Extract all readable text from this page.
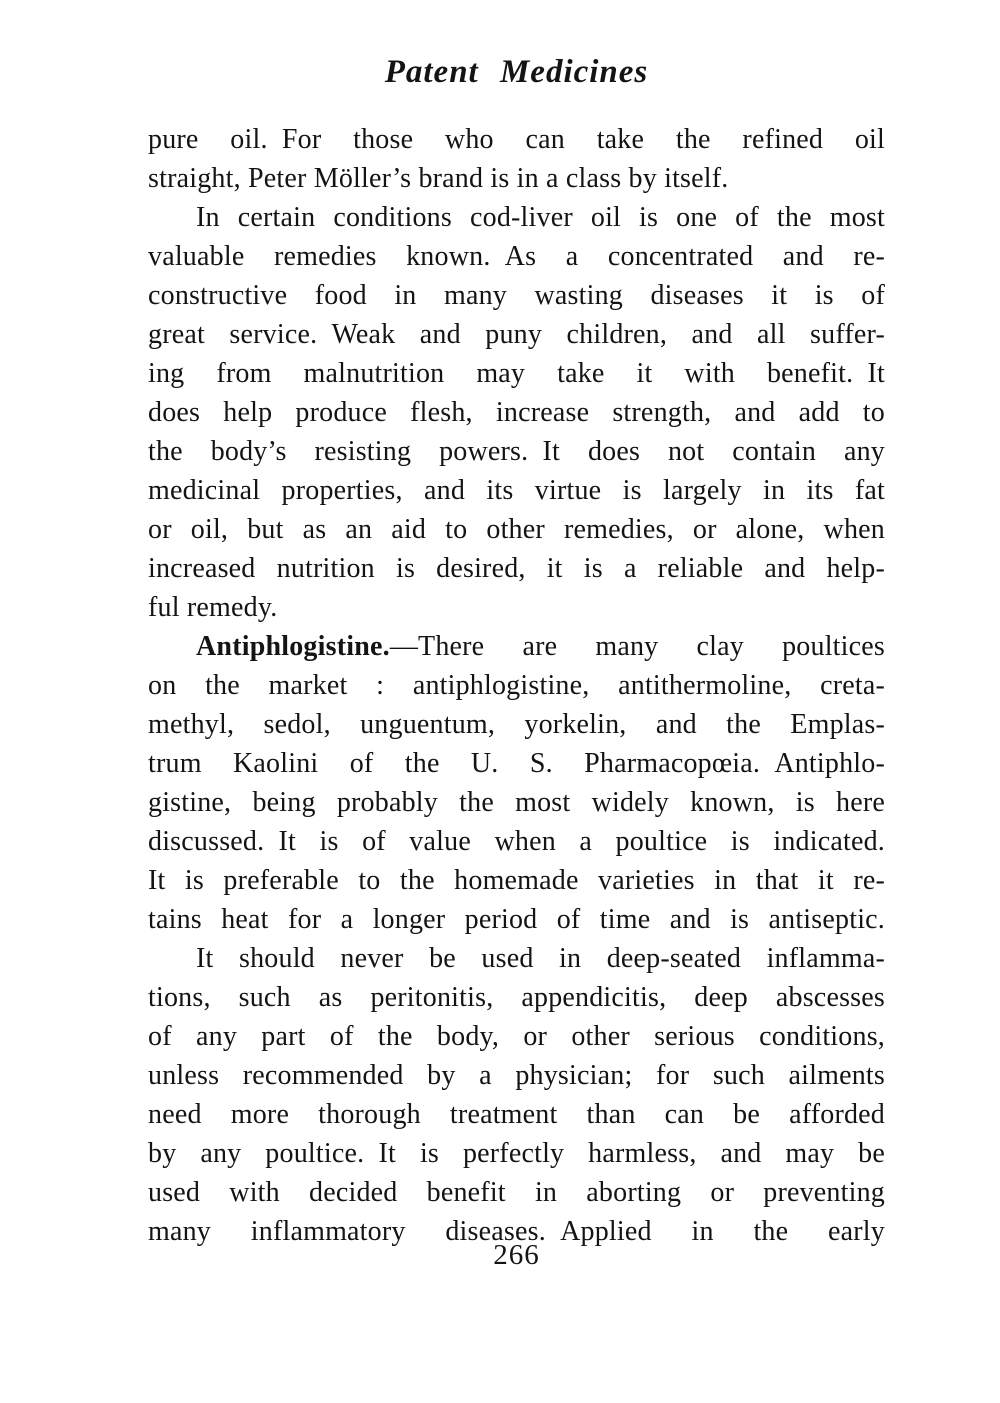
Patent Medicines
pure oil. For those who can take the refined oil
straight, Peter Möller’s brand is in a class by itself.
In certain conditions cod-liver oil is one of the most
valuable remedies known. As a concentrated and re-
constructive food in many wasting diseases it is of
great service. Weak and puny children, and all suffer-
ing from malnutrition may take it with benefit. It
does help produce flesh, increase strength, and add to
the body’s resisting powers. It does not contain any
medicinal properties, and its virtue is largely in its fat
or oil, but as an aid to other remedies, or alone, when
increased nutrition is desired, it is a reliable and help-
ful remedy.
Antiphlogistine.—There are many clay poultices
on the market : antiphlogistine, antithermoline, creta-
methyl, sedol, unguentum, yorkelin, and the Emplas-
trum Kaolini of the U. S. Pharmacopœia. Antiphlo-
gistine, being probably the most widely known, is here
discussed. It is of value when a poultice is indicated.
It is preferable to the homemade varieties in that it re-
tains heat for a longer period of time and is antiseptic.
It should never be used in deep-seated inflamma-
tions, such as peritonitis, appendicitis, deep abscesses
of any part of the body, or other serious conditions,
unless recommended by a physician; for such ailments
need more thorough treatment than can be afforded
by any poultice. It is perfectly harmless, and may be
used with decided benefit in aborting or preventing
many inflammatory diseases. Applied in the early
266
